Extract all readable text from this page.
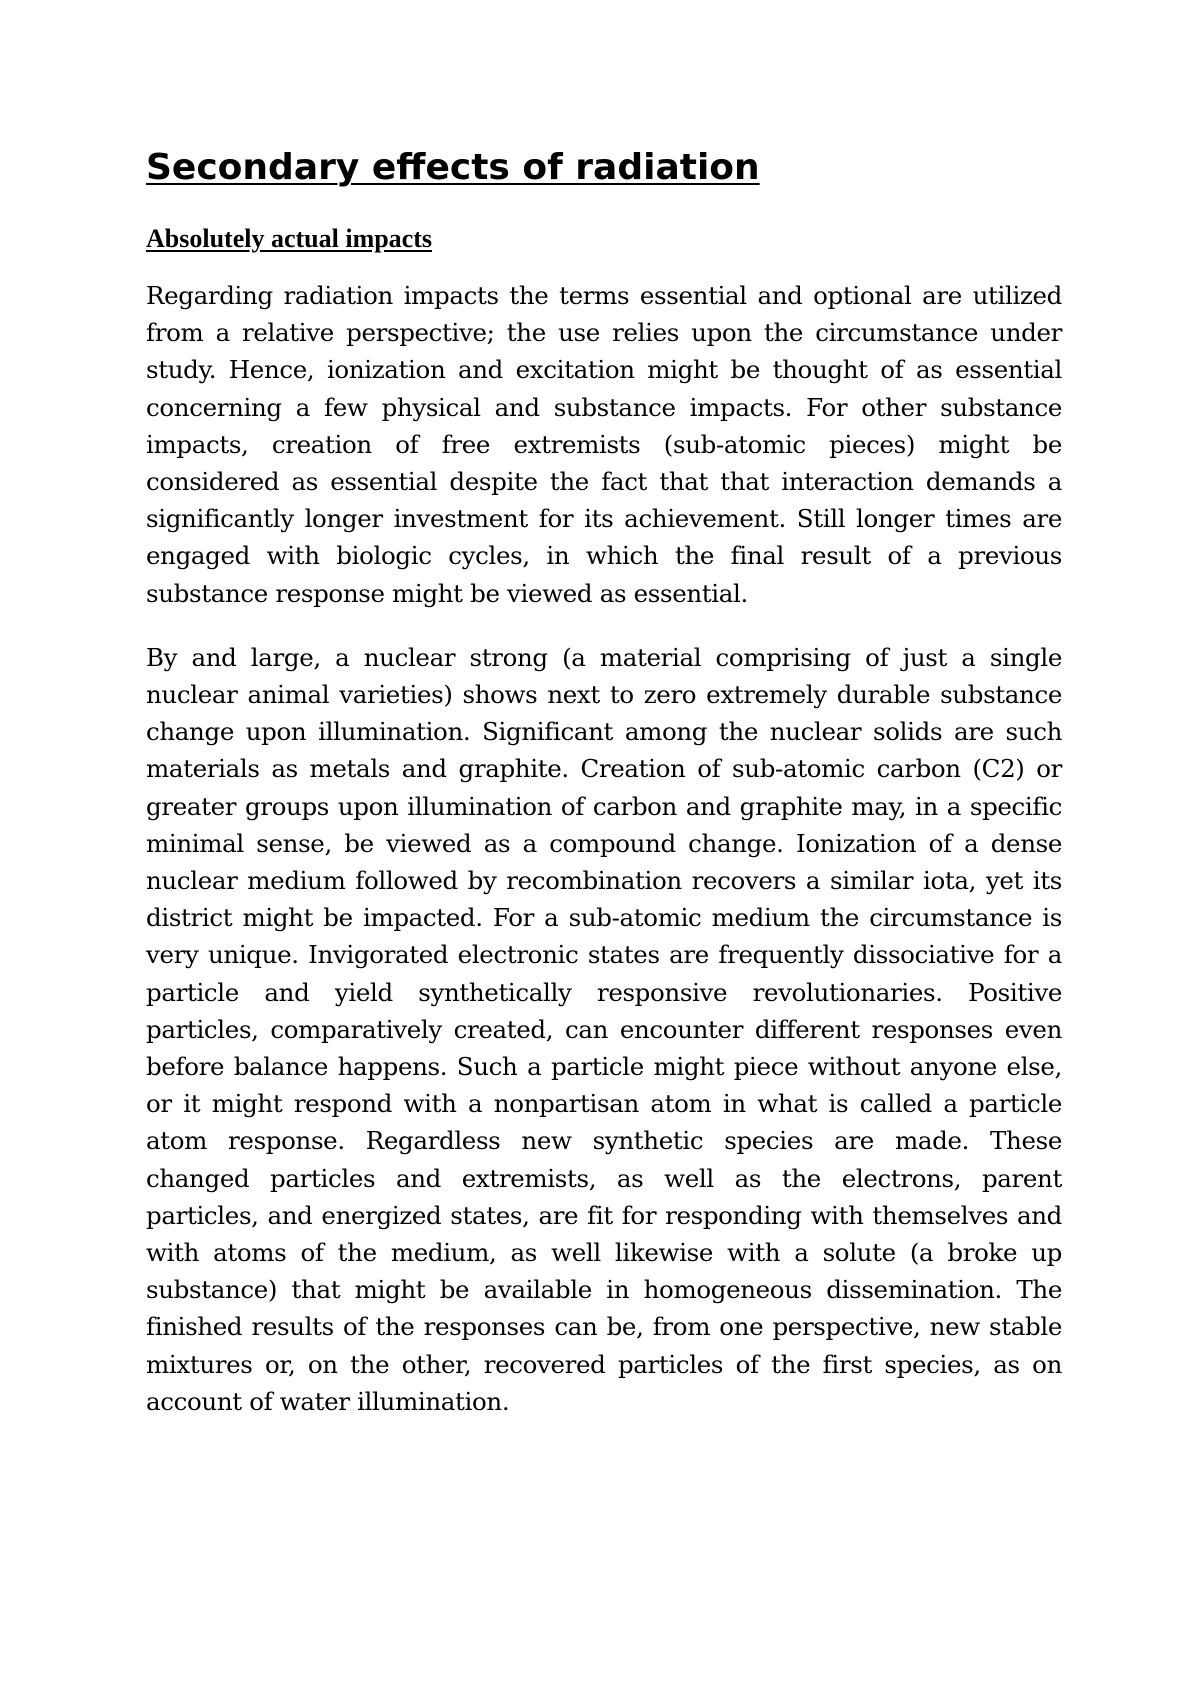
Secondary effects of radiation
Absolutely actual impacts

Regarding radiation impacts the terms essential and optional are utilized from a relative perspective; the use relies upon the circumstance under study. Hence, ionization and excitation might be thought of as essential concerning a few physical and substance impacts. For other substance impacts, creation of free extremists (sub-atomic pieces) might be considered as essential despite the fact that that interaction demands a significantly longer investment for its achievement. Still longer times are engaged with biologic cycles, in which the final result of a previous substance response might be viewed as essential.

By and large, a nuclear strong (a material comprising of just a single nuclear animal varieties) shows next to zero extremely durable substance change upon illumination. Significant among the nuclear solids are such materials as metals and graphite. Creation of sub-atomic carbon (C2) or greater groups upon illumination of carbon and graphite may, in a specific minimal sense, be viewed as a compound change. Ionization of a dense nuclear medium followed by recombination recovers a similar iota, yet its district might be impacted. For a sub-atomic medium the circumstance is very unique. Invigorated electronic states are frequently dissociative for a particle and yield synthetically responsive revolutionaries. Positive particles, comparatively created, can encounter different responses even before balance happens. Such a particle might piece without anyone else, or it might respond with a nonpartisan atom in what is called a particle atom response. Regardless new synthetic species are made. These changed particles and extremists, as well as the electrons, parent particles, and energized states, are fit for responding with themselves and with atoms of the medium, as well likewise with a solute (a broke up substance) that might be available in homogeneous dissemination. The finished results of the responses can be, from one perspective, new stable mixtures or, on the other, recovered particles of the first species, as on account of water illumination.
